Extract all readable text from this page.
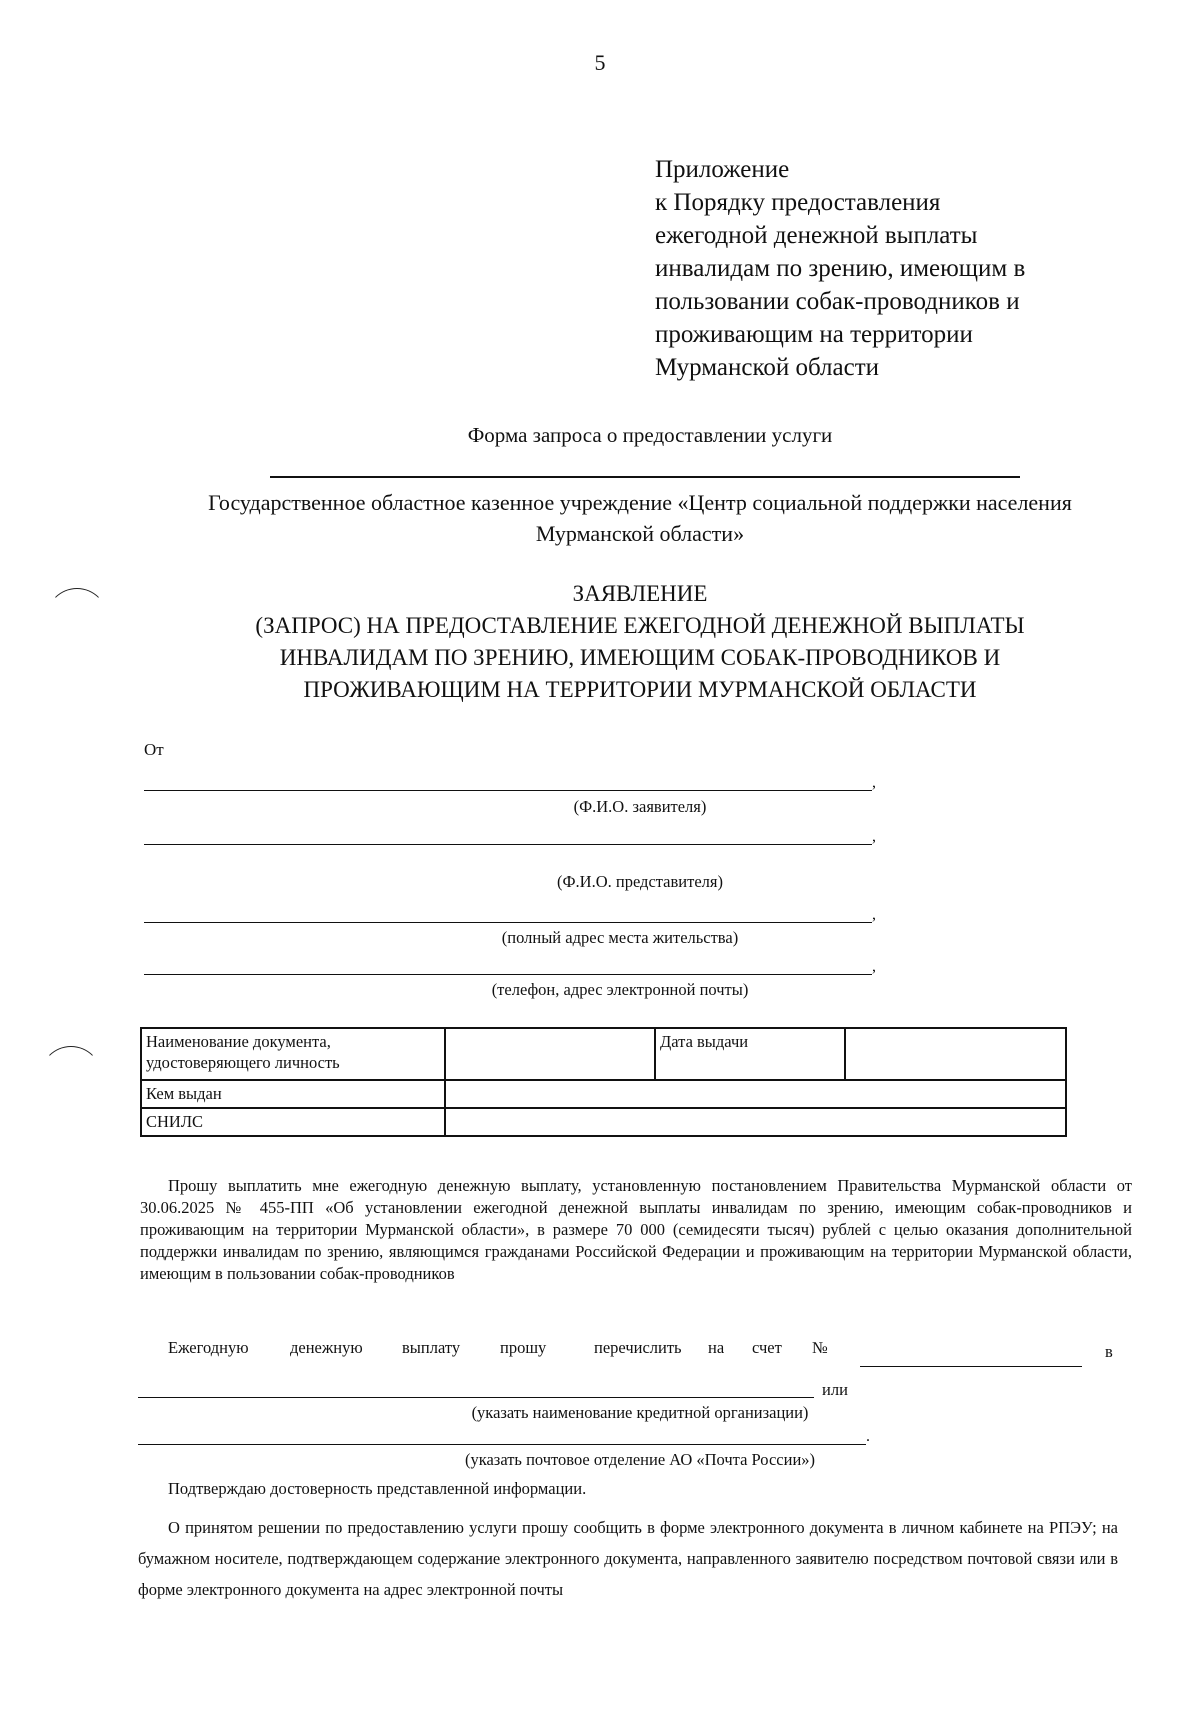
5
Приложение
к Порядку предоставления
ежегодной денежной выплаты
инвалидам по зрению, имеющим в
пользовании собак-проводников и
проживающим на территории
Мурманской области
Форма запроса о предоставлении услуги
Государственное областное казенное учреждение «Центр социальной поддержки населения
Мурманской области»
ЗАЯВЛЕНИЕ
(ЗАПРОС) НА ПРЕДОСТАВЛЕНИЕ ЕЖЕГОДНОЙ ДЕНЕЖНОЙ ВЫПЛАТЫ
ИНВАЛИДАМ ПО ЗРЕНИЮ, ИМЕЮЩИМ СОБАК-ПРОВОДНИКОВ И
ПРОЖИВАЮЩИМ НА ТЕРРИТОРИИ МУРМАНСКОЙ ОБЛАСТИ
От
,
(Ф.И.О. заявителя)
,
(Ф.И.О. представителя)
,
(полный адрес места жительства)
,
(телефон, адрес электронной почты)
Наименование документа,
удостоверяющего личность		Дата выдачи	
Кем выдан			
СНИЛС			
Прошу выплатить мне ежегодную денежную выплату, установленную постановлением Правительства Мурманской области от 30.06.2025 № 455-ПП «Об установлении ежегодной денежной выплаты инвалидам по зрению, имеющим собак-проводников и проживающим на территории Мурманской области», в размере 70 000 (семидесяти тысяч) рублей с целью оказания дополнительной поддержки инвалидам по зрению, являющимся гражданами Российской Федерации и проживающим на территории Мурманской области, имеющим в пользовании собак-проводников
Ежегодную	денежную выплату прошу	перечислить на счет №	в
или
(указать наименование кредитной организации)
.
(указать почтовое отделение АО «Почта России»)
Подтверждаю достоверность представленной информации.
О принятом решении по предоставлению услуги прошу сообщить в форме электронного документа в личном кабинете на РПЭУ; на бумажном носителе, подтверждающем содержание электронного документа, направленного заявителю посредством почтовой связи или в форме электронного документа на адрес электронной почты
